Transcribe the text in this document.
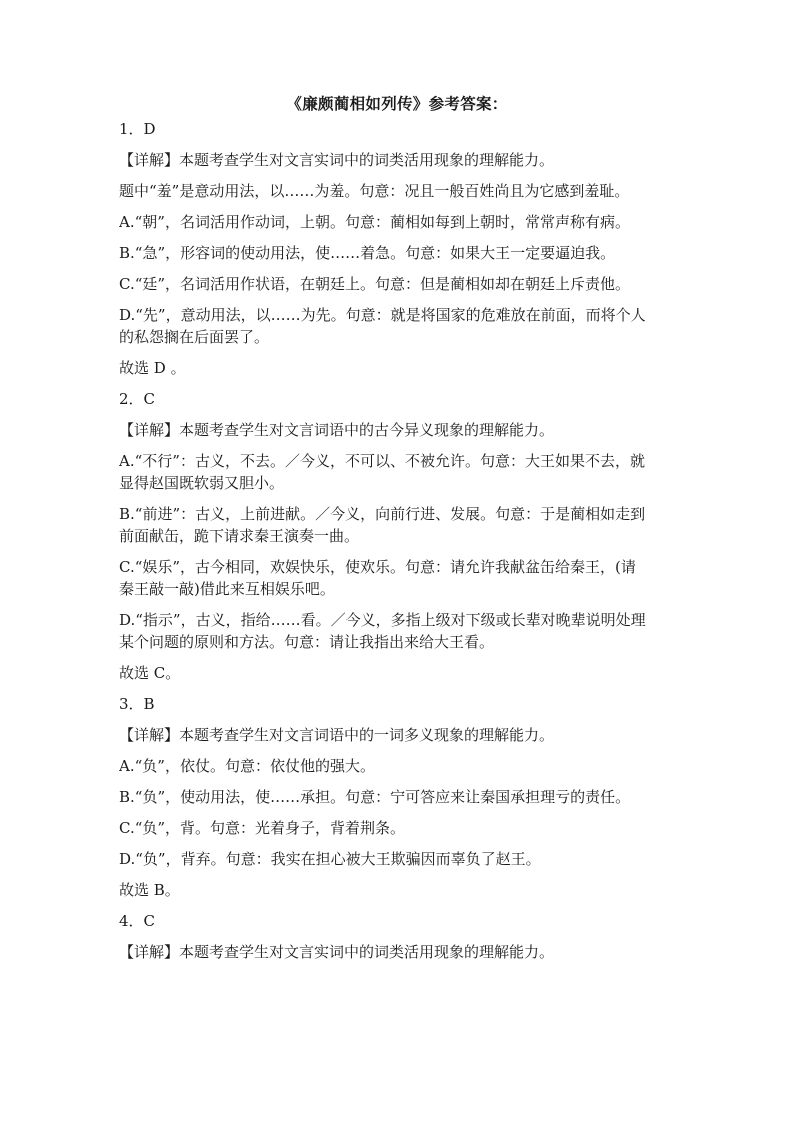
《廉颇蔺相如列传》参考答案：
1．D
【详解】本题考查学生对文言实词中的词类活用现象的理解能力。
题中“羞”是意动用法，以……为羞。句意：况且一般百姓尚且为它感到羞耻。
A.“朝”，名词活用作动词，上朝。句意：蔺相如每到上朝时，常常声称有病。
B.“急”，形容词的使动用法，使……着急。句意：如果大王一定要逼迫我。
C.“廷”，名词活用作状语，在朝廷上。句意：但是蔺相如却在朝廷上斥责他。
D.“先”，意动用法，以……为先。句意：就是将国家的危难放在前面，而将个人
的私怨搁在后面罢了。
故选 D 。
2．C
【详解】本题考查学生对文言词语中的古今异义现象的理解能力。
A.“不行”：古义，不去。／今义，不可以、不被允许。句意：大王如果不去，就
显得赵国既软弱又胆小。
B.“前进”：古义，上前进献。／今义，向前行进、发展。句意：于是蔺相如走到
前面献缶，跪下请求秦王演奏一曲。
C.“娱乐”，古今相同，欢娱快乐，使欢乐。句意：请允许我献盆缶给秦王，(请
秦王敲一敲)借此来互相娱乐吧。
D.“指示”，古义，指给……看。／今义，多指上级对下级或长辈对晚辈说明处理
某个问题的原则和方法。句意：请让我指出来给大王看。
故选 C。
3．B
【详解】本题考查学生对文言词语中的一词多义现象的理解能力。
A.“负”，依仗。句意：依仗他的强大。
B.“负”，使动用法，使……承担。句意：宁可答应来让秦国承担理亏的责任。
C.“负”，背。句意：光着身子，背着荆条。
D.“负”，背弃。句意：我实在担心被大王欺骗因而辜负了赵王。
故选 B。
4．C
【详解】本题考查学生对文言实词中的词类活用现象的理解能力。
